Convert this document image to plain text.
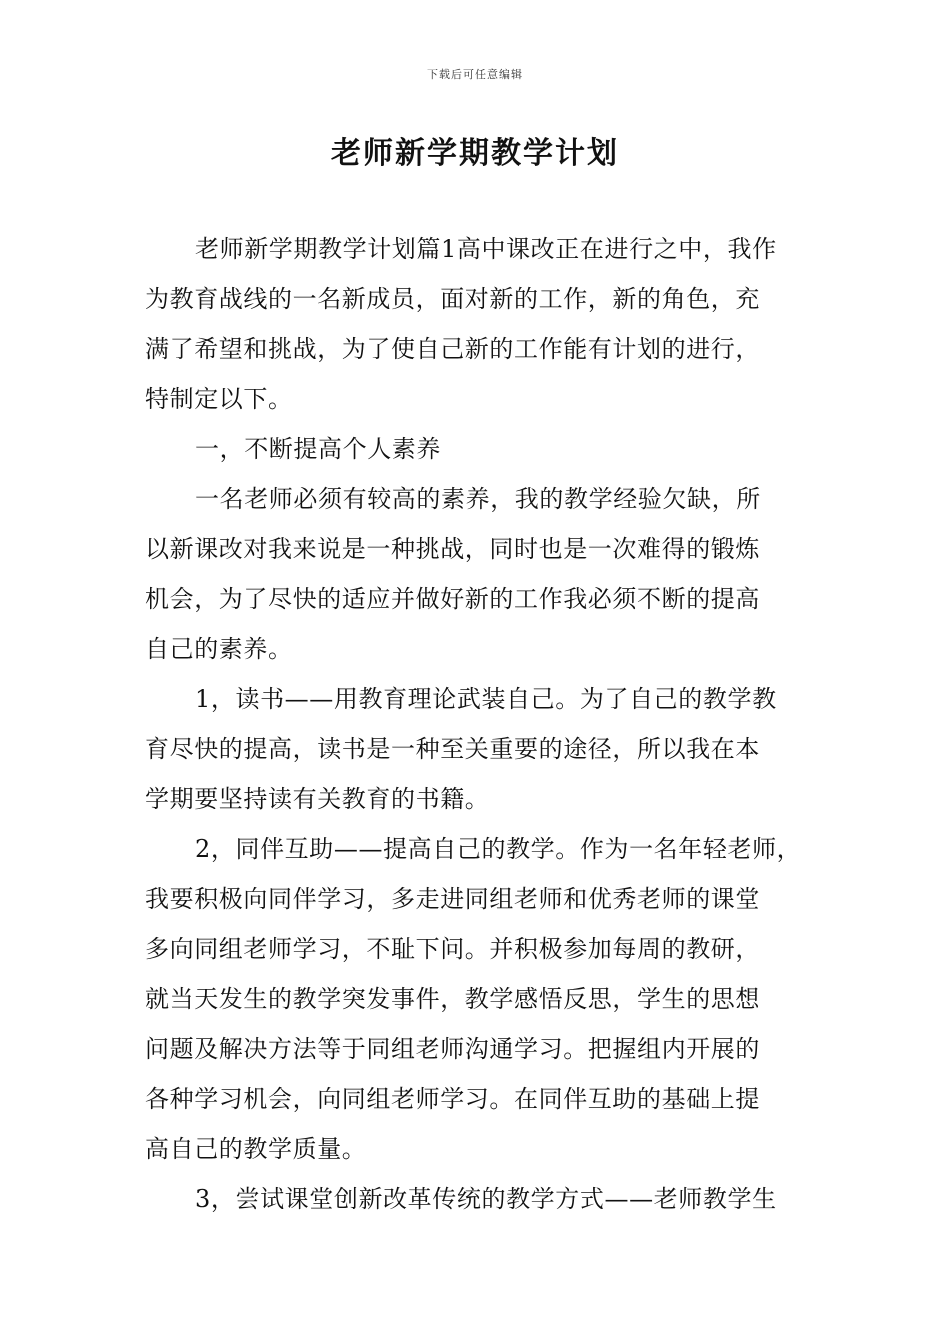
下载后可任意编辑
老师新学期教学计划
老师新学期教学计划篇1高中课改正在进行之中，我作
为教育战线的一名新成员，面对新的工作，新的角色，充
满了希望和挑战，为了使自己新的工作能有计划的进行，
特制定以下。
一，不断提高个人素养
一名老师必须有较高的素养，我的教学经验欠缺，所
以新课改对我来说是一种挑战，同时也是一次难得的锻炼
机会，为了尽快的适应并做好新的工作我必须不断的提高
自己的素养。
1，读书——用教育理论武装自己。为了自己的教学教
育尽快的提高，读书是一种至关重要的途径，所以我在本
学期要坚持读有关教育的书籍。
2，同伴互助——提高自己的教学。作为一名年轻老师，
我要积极向同伴学习，多走进同组老师和优秀老师的课堂
多向同组老师学习，不耻下问。并积极参加每周的教研，
就当天发生的教学突发事件，教学感悟反思，学生的思想
问题及解决方法等于同组老师沟通学习。把握组内开展的
各种学习机会，向同组老师学习。在同伴互助的基础上提
高自己的教学质量。
3，尝试课堂创新改革传统的教学方式——老师教学生
